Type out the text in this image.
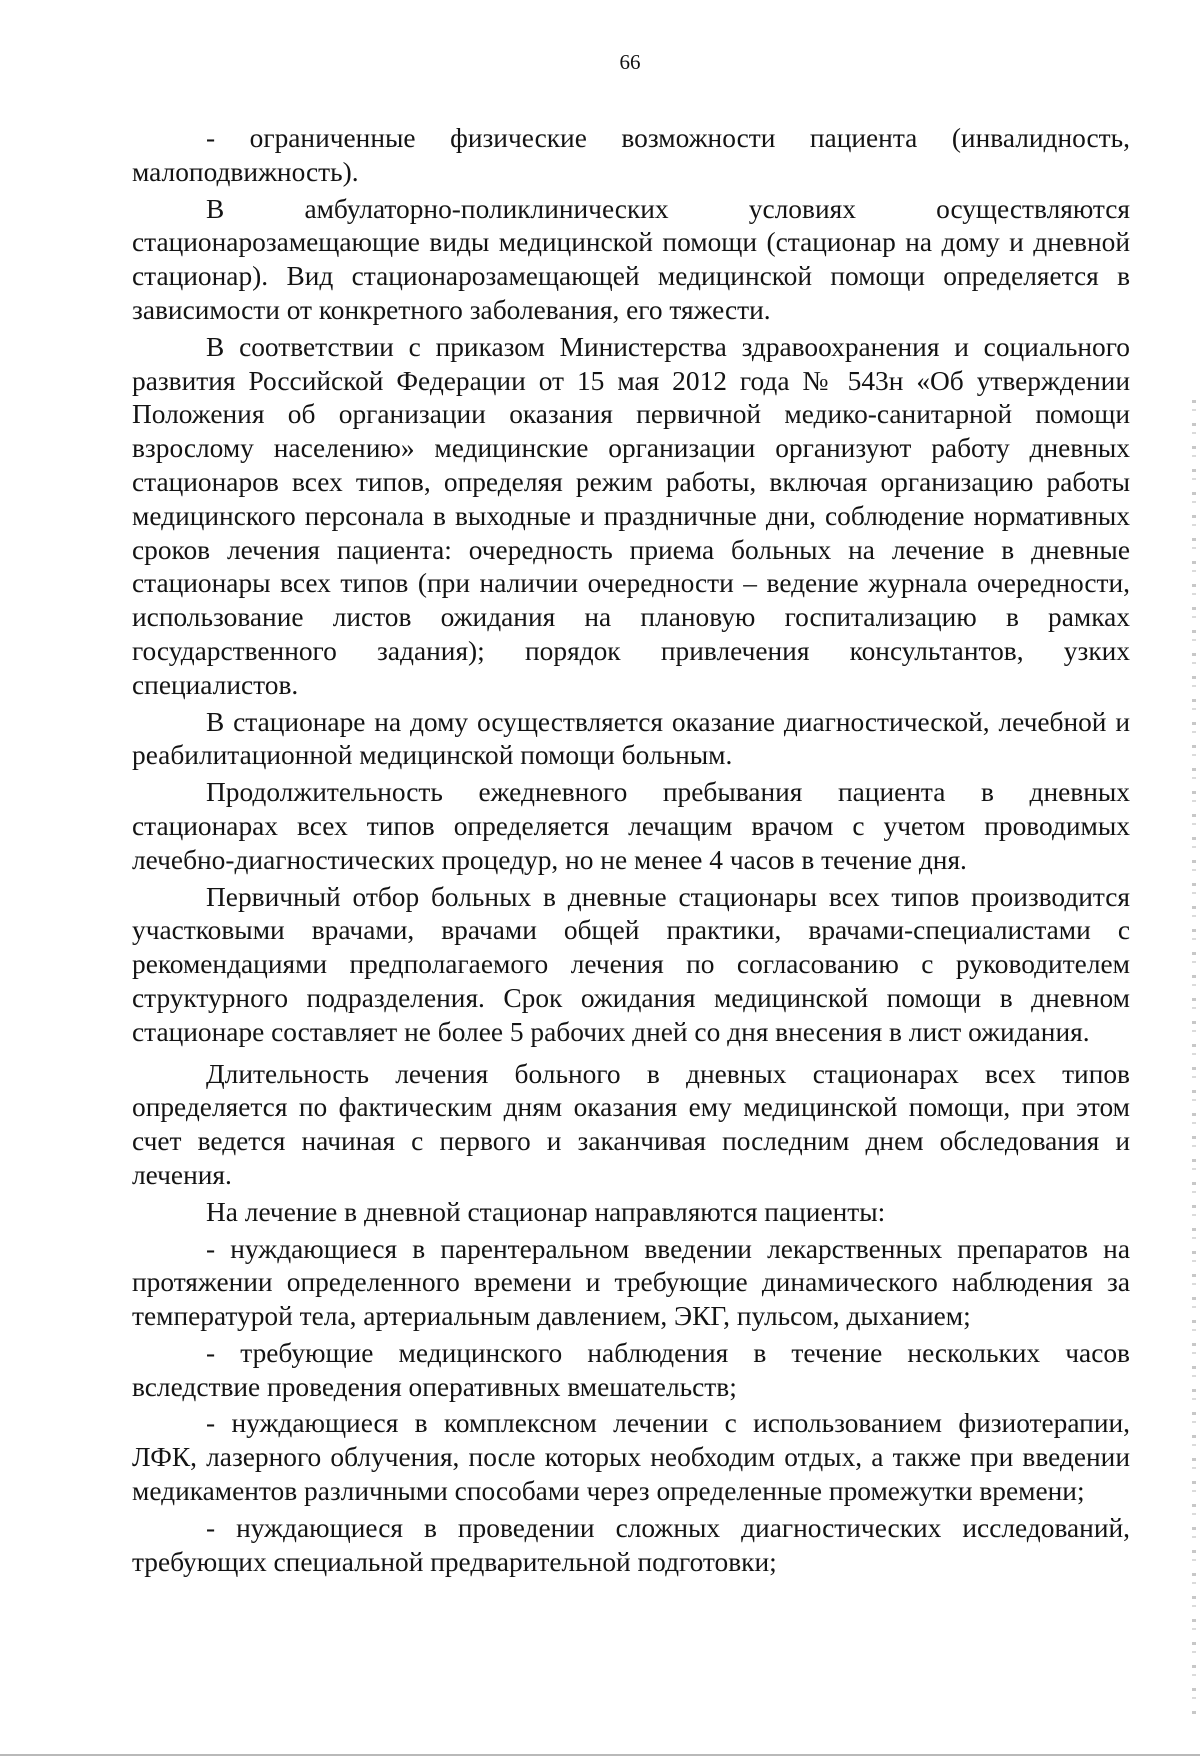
66

- ограниченные физические возможности пациента (инвалидность, малоподвижность).

В амбулаторно-поликлинических условиях осуществляются стационарозамещающие виды медицинской помощи (стационар на дому и дневной стационар). Вид стационарозамещающей медицинской помощи определяется в зависимости от конкретного заболевания, его тяжести.

В соответствии с приказом Министерства здравоохранения и социального развития Российской Федерации от 15 мая 2012 года № 543н «Об утверждении Положения об организации оказания первичной медико-санитарной помощи взрослому населению» медицинские организации организуют работу дневных стационаров всех типов, определяя режим работы, включая организацию работы медицинского персонала в выходные и праздничные дни, соблюдение нормативных сроков лечения пациента: очередность приема больных на лечение в дневные стационары всех типов (при наличии очередности – ведение журнала очередности, использование листов ожидания на плановую госпитализацию в рамках государственного задания); порядок привлечения консультантов, узких специалистов.

В стационаре на дому осуществляется оказание диагностической, лечебной и реабилитационной медицинской помощи больным.

Продолжительность ежедневного пребывания пациента в дневных стационарах всех типов определяется лечащим врачом с учетом проводимых лечебно-диагностических процедур, но не менее 4 часов в течение дня.

Первичный отбор больных в дневные стационары всех типов производится участковыми врачами, врачами общей практики, врачами-специалистами с рекомендациями предполагаемого лечения по согласованию с руководителем структурного подразделения. Срок ожидания медицинской помощи в дневном стационаре составляет не более 5 рабочих дней со дня внесения в лист ожидания.

Длительность лечения больного в дневных стационарах всех типов определяется по фактическим дням оказания ему медицинской помощи, при этом счет ведется начиная с первого и заканчивая последним днем обследования и лечения.

На лечение в дневной стационар направляются пациенты:

- нуждающиеся в парентеральном введении лекарственных препаратов на протяжении определенного времени и требующие динамического наблюдения за температурой тела, артериальным давлением, ЭКГ, пульсом, дыханием;

- требующие медицинского наблюдения в течение нескольких часов вследствие проведения оперативных вмешательств;

- нуждающиеся в комплексном лечении с использованием физиотерапии, ЛФК, лазерного облучения, после которых необходим отдых, а также при введении медикаментов различными способами через определенные промежутки времени;

- нуждающиеся в проведении сложных диагностических исследований, требующих специальной предварительной подготовки;
